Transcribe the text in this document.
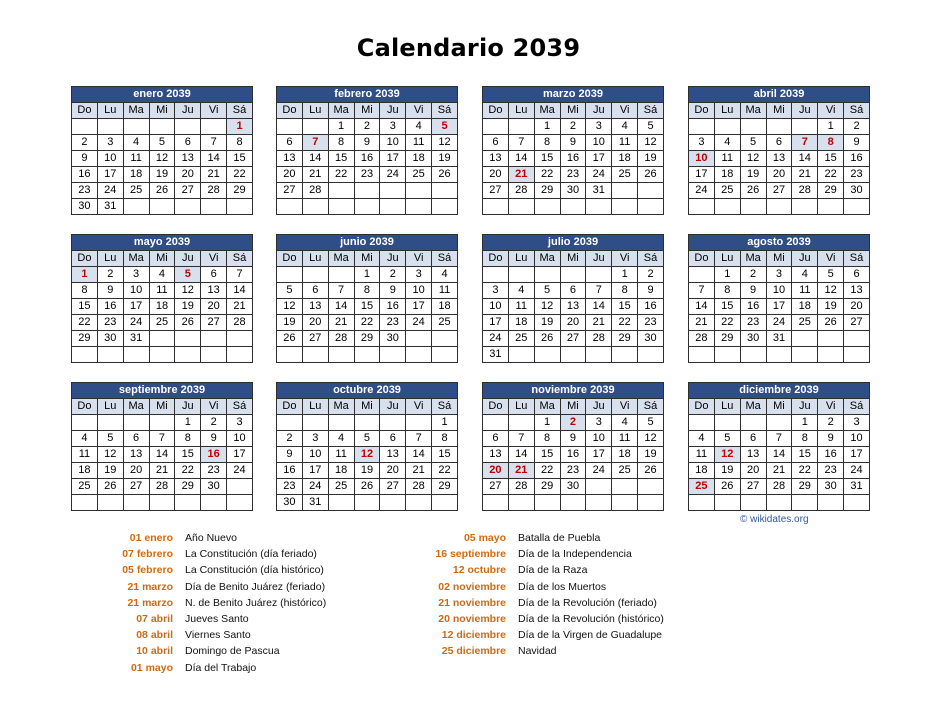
Calendario 2039
enero 2039						
Do	Lu	Ma	Mi	Ju	Vi	Sá
						1
2	3	4	5	6	7	8
9	10	11	12	13	14	15
16	17	18	19	20	21	22
23	24	25	26	27	28	29
30	31					
febrero 2039						
Do	Lu	Ma	Mi	Ju	Vi	Sá
		1	2	3	4	5
6	7	8	9	10	11	12
13	14	15	16	17	18	19
20	21	22	23	24	25	26
27	28					

marzo 2039						
Do	Lu	Ma	Mi	Ju	Vi	Sá
		1	2	3	4	5
6	7	8	9	10	11	12
13	14	15	16	17	18	19
20	21	22	23	24	25	26
27	28	29	30	31		

abril 2039						
Do	Lu	Ma	Mi	Ju	Vi	Sá
					1	2
3	4	5	6	7	8	9
10	11	12	13	14	15	16
17	18	19	20	21	22	23
24	25	26	27	28	29	30

mayo 2039						
Do	Lu	Ma	Mi	Ju	Vi	Sá
1	2	3	4	5	6	7
8	9	10	11	12	13	14
15	16	17	18	19	20	21
22	23	24	25	26	27	28
29	30	31				

junio 2039						
Do	Lu	Ma	Mi	Ju	Vi	Sá
			1	2	3	4
5	6	7	8	9	10	11
12	13	14	15	16	17	18
19	20	21	22	23	24	25
26	27	28	29	30		

julio 2039						
Do	Lu	Ma	Mi	Ju	Vi	Sá
					1	2
3	4	5	6	7	8	9
10	11	12	13	14	15	16
17	18	19	20	21	22	23
24	25	26	27	28	29	30
31						
agosto 2039						
Do	Lu	Ma	Mi	Ju	Vi	Sá
	1	2	3	4	5	6
7	8	9	10	11	12	13
14	15	16	17	18	19	20
21	22	23	24	25	26	27
28	29	30	31			

septiembre 2039						
Do	Lu	Ma	Mi	Ju	Vi	Sá
				1	2	3
4	5	6	7	8	9	10
11	12	13	14	15	16	17
18	19	20	21	22	23	24
25	26	27	28	29	30	

octubre 2039						
Do	Lu	Ma	Mi	Ju	Vi	Sá
						1
2	3	4	5	6	7	8
9	10	11	12	13	14	15
16	17	18	19	20	21	22
23	24	25	26	27	28	29
30	31					
noviembre 2039						
Do	Lu	Ma	Mi	Ju	Vi	Sá
		1	2	3	4	5
6	7	8	9	10	11	12
13	14	15	16	17	18	19
20	21	22	23	24	25	26
27	28	29	30			

diciembre 2039						
Do	Lu	Ma	Mi	Ju	Vi	Sá
				1	2	3
4	5	6	7	8	9	10
11	12	13	14	15	16	17
18	19	20	21	22	23	24
25	26	27	28	29	30	31

© wikidates.org
01 enero	Año Nuevo
07 febrero	La Constitución (día feriado)
05 febrero	La Constitución (día histórico)
21 marzo	Día de Benito Juárez (feriado)
21 marzo	N. de Benito Juárez (histórico)
07 abril	Jueves Santo
08 abril	Viernes Santo
10 abril	Domingo de Pascua
01 mayo	Día del Trabajo
05 mayo	Batalla de Puebla
16 septiembre	Día de la Independencia
12 octubre	Día de la Raza
02 noviembre	Día de los Muertos
21 noviembre	Día de la Revolución (feriado)
20 noviembre	Día de la Revolución (histórico)
12 diciembre	Día de la Virgen de Guadalupe
25 diciembre	Navidad
